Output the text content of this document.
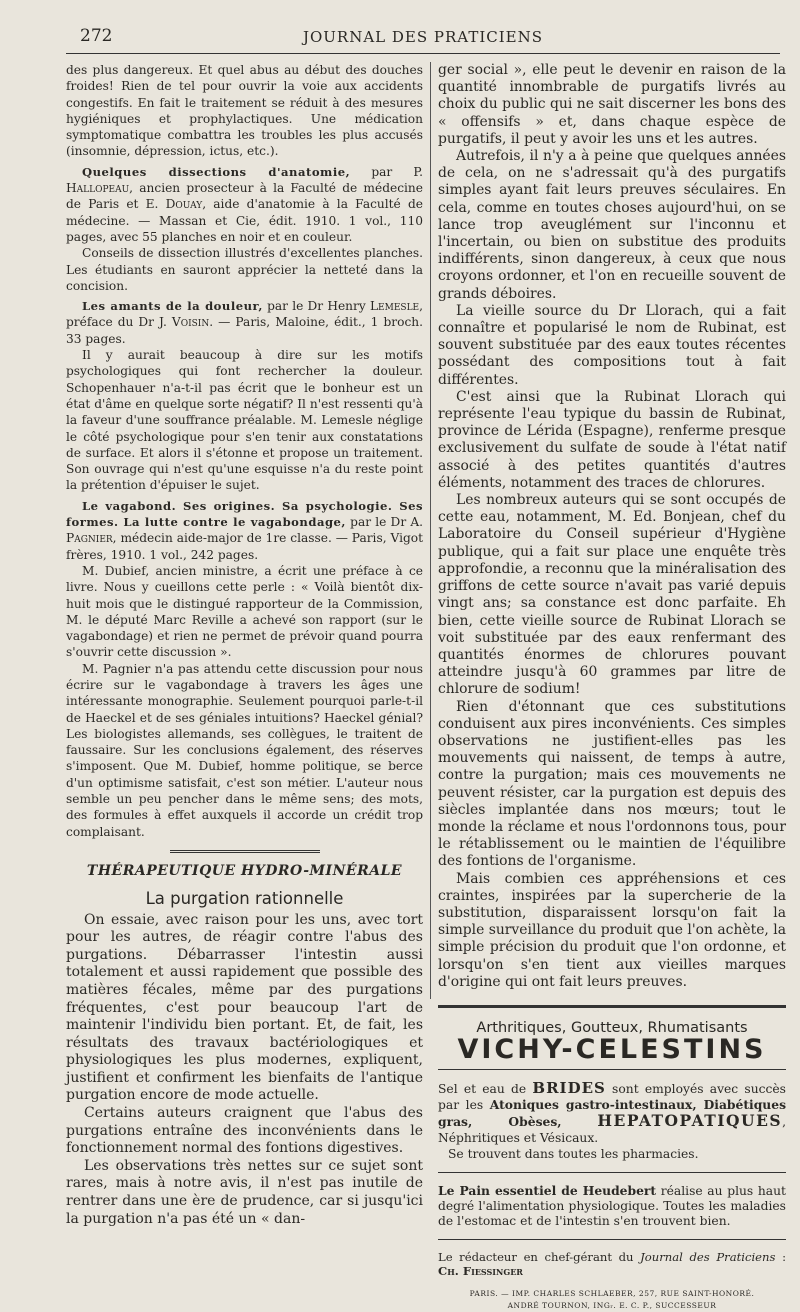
272	JOURNAL DES PRATICIENS

des plus dangereux. Et quel abus au début des douches froides! Rien de tel pour ouvrir la voie aux accidents congestifs. En fait le traitement se réduit à des mesures hygiéniques et prophylactiques. Une médication symptomatique combattra les troubles les plus accusés (insomnie, dépression, ictus, etc.).

Quelques dissections d'anatomie, par P. Hallopeau, ancien prosecteur à la Faculté de médecine de Paris et E. Douay, aide d'anatomie à la Faculté de médecine. — Massan et Cie, édit. 1910. 1 vol., 110 pages, avec 55 planches en noir et en couleur.

Conseils de dissection illustrés d'excellentes planches. Les étudiants en sauront apprécier la netteté dans la concision.

Les amants de la douleur, par le Dr Henry Lemesle, préface du Dr J. Voisin. — Paris, Maloine, édit., 1 broch. 33 pages.

Il y aurait beaucoup à dire sur les motifs psychologiques qui font rechercher la douleur. Schopenhauer n'a-t-il pas écrit que le bonheur est un état d'âme en quelque sorte négatif? Il n'est ressenti qu'à la faveur d'une souffrance préalable. M. Lemesle néglige le côté psychologique pour s'en tenir aux constatations de surface. Et alors il s'étonne et propose un traitement. Son ouvrage qui n'est qu'une esquisse n'a du reste point la prétention d'épuiser le sujet.

Le vagabond. Ses origines. Sa psychologie. Ses formes. La lutte contre le vagabondage, par le Dr A. Pagnier, médecin aide-major de 1re classe. — Paris, Vigot frères, 1910. 1 vol., 242 pages.

M. Dubief, ancien ministre, a écrit une préface à ce livre. Nous y cueillons cette perle : « Voilà bientôt dix-huit mois que le distingué rapporteur de la Commission, M. le député Marc Reville a achevé son rapport (sur le vagabondage) et rien ne permet de prévoir quand pourra s'ouvrir cette discussion ».

M. Pagnier n'a pas attendu cette discussion pour nous écrire sur le vagabondage à travers les âges une intéressante monographie. Seulement pourquoi parle-t-il de Haeckel et de ses géniales intuitions? Haeckel génial? Les biologistes allemands, ses collègues, le traitent de faussaire. Sur les conclusions également, des réserves s'imposent. Que M. Dubief, homme politique, se berce d'un optimisme satisfait, c'est son métier. L'auteur nous semble un peu pencher dans le même sens; des mots, des formules à effet auxquels il accorde un crédit trop complaisant.

THÉRAPEUTIQUE HYDRO-MINÉRALE
La purgation rationnelle

On essaie, avec raison pour les uns, avec tort pour les autres, de réagir contre l'abus des purgations. Débarrasser l'intestin aussi totalement et aussi rapidement que possible des matières fécales, même par des purgations fréquentes, c'est pour beaucoup l'art de maintenir l'individu bien portant. Et, de fait, les résultats des travaux bactériologiques et physiologiques les plus modernes, expliquent, justifient et confirment les bienfaits de l'antique purgation encore de mode actuelle.

Certains auteurs craignent que l'abus des purgations entraîne des inconvénients dans le fonctionnement normal des fontions digestives.

Les observations très nettes sur ce sujet sont rares, mais à notre avis, il n'est pas inutile de rentrer dans une ère de prudence, car si jusqu'ici la purgation n'a pas été un « dan-

ger social », elle peut le devenir en raison de la quantité innombrable de purgatifs livrés au choix du public qui ne sait discerner les bons des « offensifs » et, dans chaque espèce de purgatifs, il peut y avoir les uns et les autres.

Autrefois, il n'y a à peine que quelques années de cela, on ne s'adressait qu'à des purgatifs simples ayant fait leurs preuves séculaires. En cela, comme en toutes choses aujourd'hui, on se lance trop aveuglément sur l'inconnu et l'incertain, ou bien on substitue des produits indifférents, sinon dangereux, à ceux que nous croyons ordonner, et l'on en recueille souvent de grands déboires.

La vieille source du Dr Llorach, qui a fait connaître et popularisé le nom de Rubinat, est souvent substituée par des eaux toutes récentes possédant des compositions tout à fait différentes.

C'est ainsi que la Rubinat Llorach qui représente l'eau typique du bassin de Rubinat, province de Lérida (Espagne), renferme presque exclusivement du sulfate de soude à l'état natif associé à des petites quantités d'autres éléments, notamment des traces de chlorures.

Les nombreux auteurs qui se sont occupés de cette eau, notamment, M. Ed. Bonjean, chef du Laboratoire du Conseil supérieur d'Hygiène publique, qui a fait sur place une enquête très approfondie, a reconnu que la minéralisation des griffons de cette source n'avait pas varié depuis vingt ans; sa constance est donc parfaite. Eh bien, cette vieille source de Rubinat Llorach se voit substituée par des eaux renfermant des quantités énormes de chlorures pouvant atteindre jusqu'à 60 grammes par litre de chlorure de sodium!

Rien d'étonnant que ces substitutions conduisent aux pires inconvénients. Ces simples observations ne justifient-elles pas les mouvements qui naissent, de temps à autre, contre la purgation; mais ces mouvements ne peuvent résister, car la purgation est depuis des siècles implantée dans nos mœurs; tout le monde la réclame et nous l'ordonnons tous, pour le rétablissement ou le maintien de l'équilibre des fontions de l'organisme.

Mais combien ces appréhensions et ces craintes, inspirées par la supercherie de la substitution, disparaissent lorsqu'on fait la simple surveillance du produit que l'on achète, la simple précision du produit que l'on ordonne, et lorsqu'on s'en tient aux vieilles marques d'origine qui ont fait leurs preuves.

Arthritiques, Goutteux, Rhumatisants
VICHY-CELESTINS
Sel et eau de BRIDES sont employés avec succès par les Atoniques gastro-intestinaux, Diabétiques gras, Obèses, HEPATOPATIQUES, Néphritiques et Vésicaux.
Se trouvent dans toutes les pharmacies.
Le Pain essentiel de Heudebert réalise au plus haut degré l'alimentation physiologique. Toutes les maladies de l'estomac et de l'intestin s'en trouvent bien.
Le rédacteur en chef-gérant du Journal des Praticiens : Ch. Fiessinger
PARIS. — IMP. CHARLES SCHLAEBER, 257, RUE SAINT-HONORÉ.
ANDRÉ TOURNON, INGᵣ. E. C. P., SUCCESSEUR
